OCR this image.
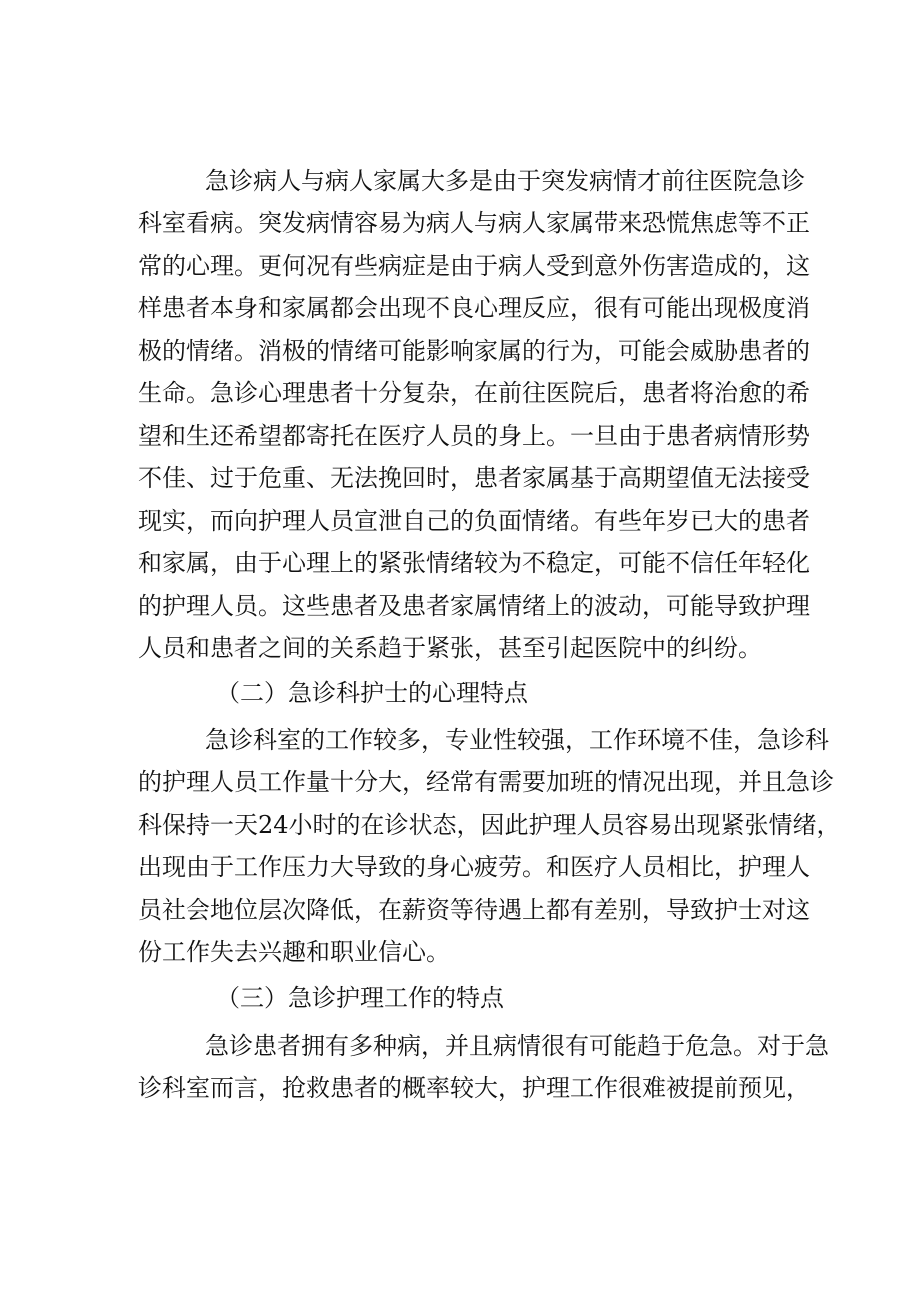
急诊病人与病人家属大多是由于突发病情才前往医院急诊
科室看病。突发病情容易为病人与病人家属带来恐慌焦虑等不正
常的心理。更何况有些病症是由于病人受到意外伤害造成的，这
样患者本身和家属都会出现不良心理反应，很有可能出现极度消
极的情绪。消极的情绪可能影响家属的行为，可能会威胁患者的
生命。急诊心理患者十分复杂，在前往医院后，患者将治愈的希
望和生还希望都寄托在医疗人员的身上。一旦由于患者病情形势
不佳、过于危重、无法挽回时，患者家属基于高期望值无法接受
现实，而向护理人员宣泄自己的负面情绪。有些年岁已大的患者
和家属，由于心理上的紧张情绪较为不稳定，可能不信任年轻化
的护理人员。这些患者及患者家属情绪上的波动，可能导致护理
人员和患者之间的关系趋于紧张，甚至引起医院中的纠纷。
（二）急诊科护士的心理特点
急诊科室的工作较多，专业性较强，工作环境不佳，急诊科
的护理人员工作量十分大，经常有需要加班的情况出现，并且急诊
科保持一天24小时的在诊状态，因此护理人员容易出现紧张情绪，
出现由于工作压力大导致的身心疲劳。和医疗人员相比，护理人
员社会地位层次降低，在薪资等待遇上都有差别，导致护士对这
份工作失去兴趣和职业信心。
（三）急诊护理工作的特点
急诊患者拥有多种病，并且病情很有可能趋于危急。对于急
诊科室而言，抢救患者的概率较大，护理工作很难被提前预见，
